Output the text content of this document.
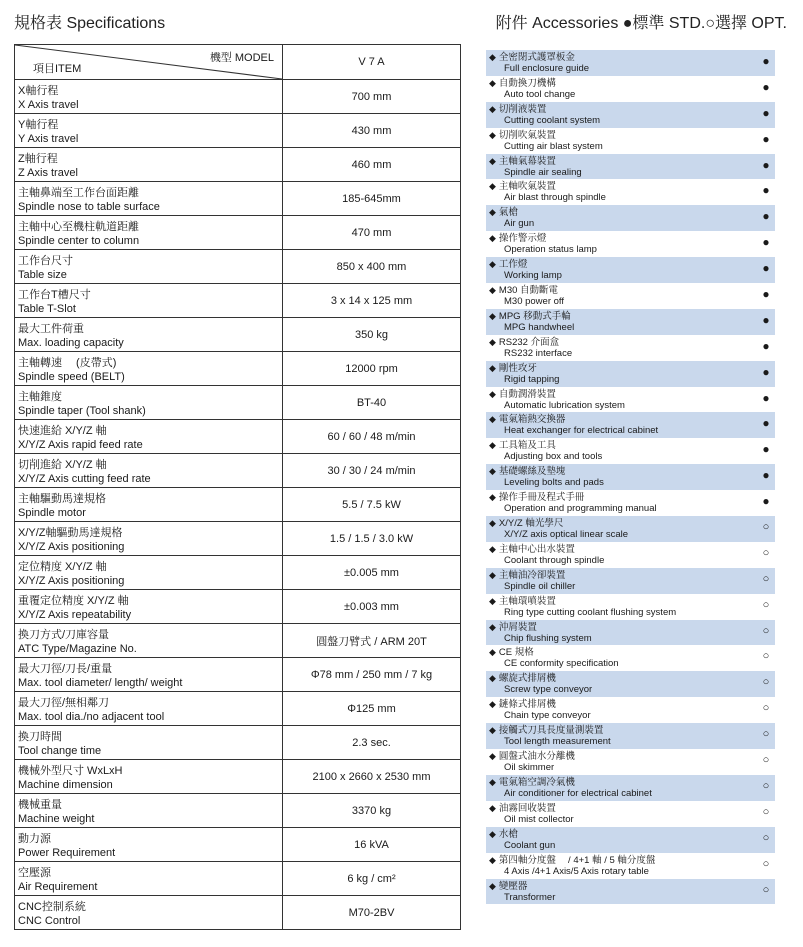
規格表 Specifications	附件 Accessories ●標準 STD.○選擇 OPT.
機型 MODEL
項目ITEM	V 7 A

X軸行程
X Axis travel	700 mm

Y軸行程
Y Axis travel	430 mm

Z軸行程
Z Axis travel	460 mm

主軸鼻端至工作台面距離
Spindle nose to table surface	185-645mm

主軸中心至機柱軌道距離
Spindle center to column	470 mm

工作台尺寸
Table size	850 x 400 mm

工作台T槽尺寸
Table T-Slot	3 x 14 x 125 mm

最大工件荷重
Max. loading capacity	350 kg

主軸轉速　 (皮帶式)
Spindle speed (BELT)	12000 rpm

主軸錐度
Spindle taper (Tool shank)	BT-40

快速進給 X/Y/Z 軸
X/Y/Z Axis rapid feed rate	60 / 60 / 48 m/min

切削進給 X/Y/Z 軸
X/Y/Z Axis cutting feed rate	30 / 30 / 24 m/min

主軸驅動馬達規格
Spindle motor	5.5 / 7.5 kW

X/Y/Z軸驅動馬達規格
X/Y/Z Axis positioning	1.5 / 1.5 / 3.0 kW

定位精度 X/Y/Z 軸
X/Y/Z Axis positioning	±0.005 mm

重覆定位精度 X/Y/Z 軸
X/Y/Z Axis repeatability	±0.003 mm

換刀方式/刀庫容量
ATC Type/Magazine No.	圓盤刀臂式 / ARM 20T

最大刀徑/刀長/重量
Max. tool diameter/ length/ weight	Φ78 mm / 250 mm / 7 kg

最大刀徑/無相鄰刀
Max. tool dia./no adjacent tool	Φ125 mm

換刀時間
Tool change time	2.3 sec.

機械外型尺寸 WxLxH
Machine dimension	2100 x 2660 x 2530 mm

機械重量
Machine weight	3370 kg

動力源
Power Requirement	16 kVA

空壓源
Air Requirement	6 kg / cm²

CNC控制系統
CNC Control	M70-2BV
◆ 全密閉式護罩板金
Full enclosure guide
●
◆ 自動換刀機構
Auto tool change
●
◆ 切削液裝置
Cutting coolant system
●
◆ 切削吹氣裝置
Cutting air blast system
●
◆ 主軸氣幕裝置
Spindle air sealing
●
◆ 主軸吹氣裝置
Air blast through spindle
●
◆ 氣槍
Air gun
●
◆ 操作警示燈
Operation status lamp
●
◆ 工作燈
Working lamp
●
◆ M30 自動斷電
M30 power off
●
◆ MPG 移動式手輪
MPG handwheel
●
◆ RS232 介面盒
RS232 interface
●
◆ 剛性攻牙
Rigid tapping
●
◆ 自動潤滑裝置
Automatic lubrication system
●
◆ 電氣箱熱交換器
Heat exchanger for electrical cabinet
●
◆ 工具箱及工具
Adjusting box and tools
●
◆ 基礎螺絲及墊塊
Leveling bolts and pads
●
◆ 操作手冊及程式手冊
Operation and programming manual
●
◆ X/Y/Z 軸光學尺
X/Y/Z axis optical linear scale
○
◆ 主軸中心出水裝置
Coolant through spindle
○
◆ 主軸油冷卻裝置
Spindle oil chiller
○
◆ 主軸環噴裝置
Ring type cutting coolant flushing system
○
◆ 沖屑裝置
Chip flushing system
○
◆ CE 規格
CE conformity specification
○
◆ 螺旋式排屑機
Screw type conveyor
○
◆ 鏈條式排屑機
Chain type conveyor
○
◆ 接觸式刀具長度量測裝置
Tool length measurement
○
◆ 圓盤式油水分離機
Oil skimmer
○
◆ 電氣箱空調冷氣機
Air conditioner for electrical cabinet
○
◆ 油霧回收裝置
Oil mist collector
○
◆ 水槍
Coolant gun
○
◆ 第四軸分度盤　 / 4+1 軸 / 5 軸分度盤
4 Axis /4+1 Axis/5 Axis rotary table
○
◆ 變壓器
Transformer
○
